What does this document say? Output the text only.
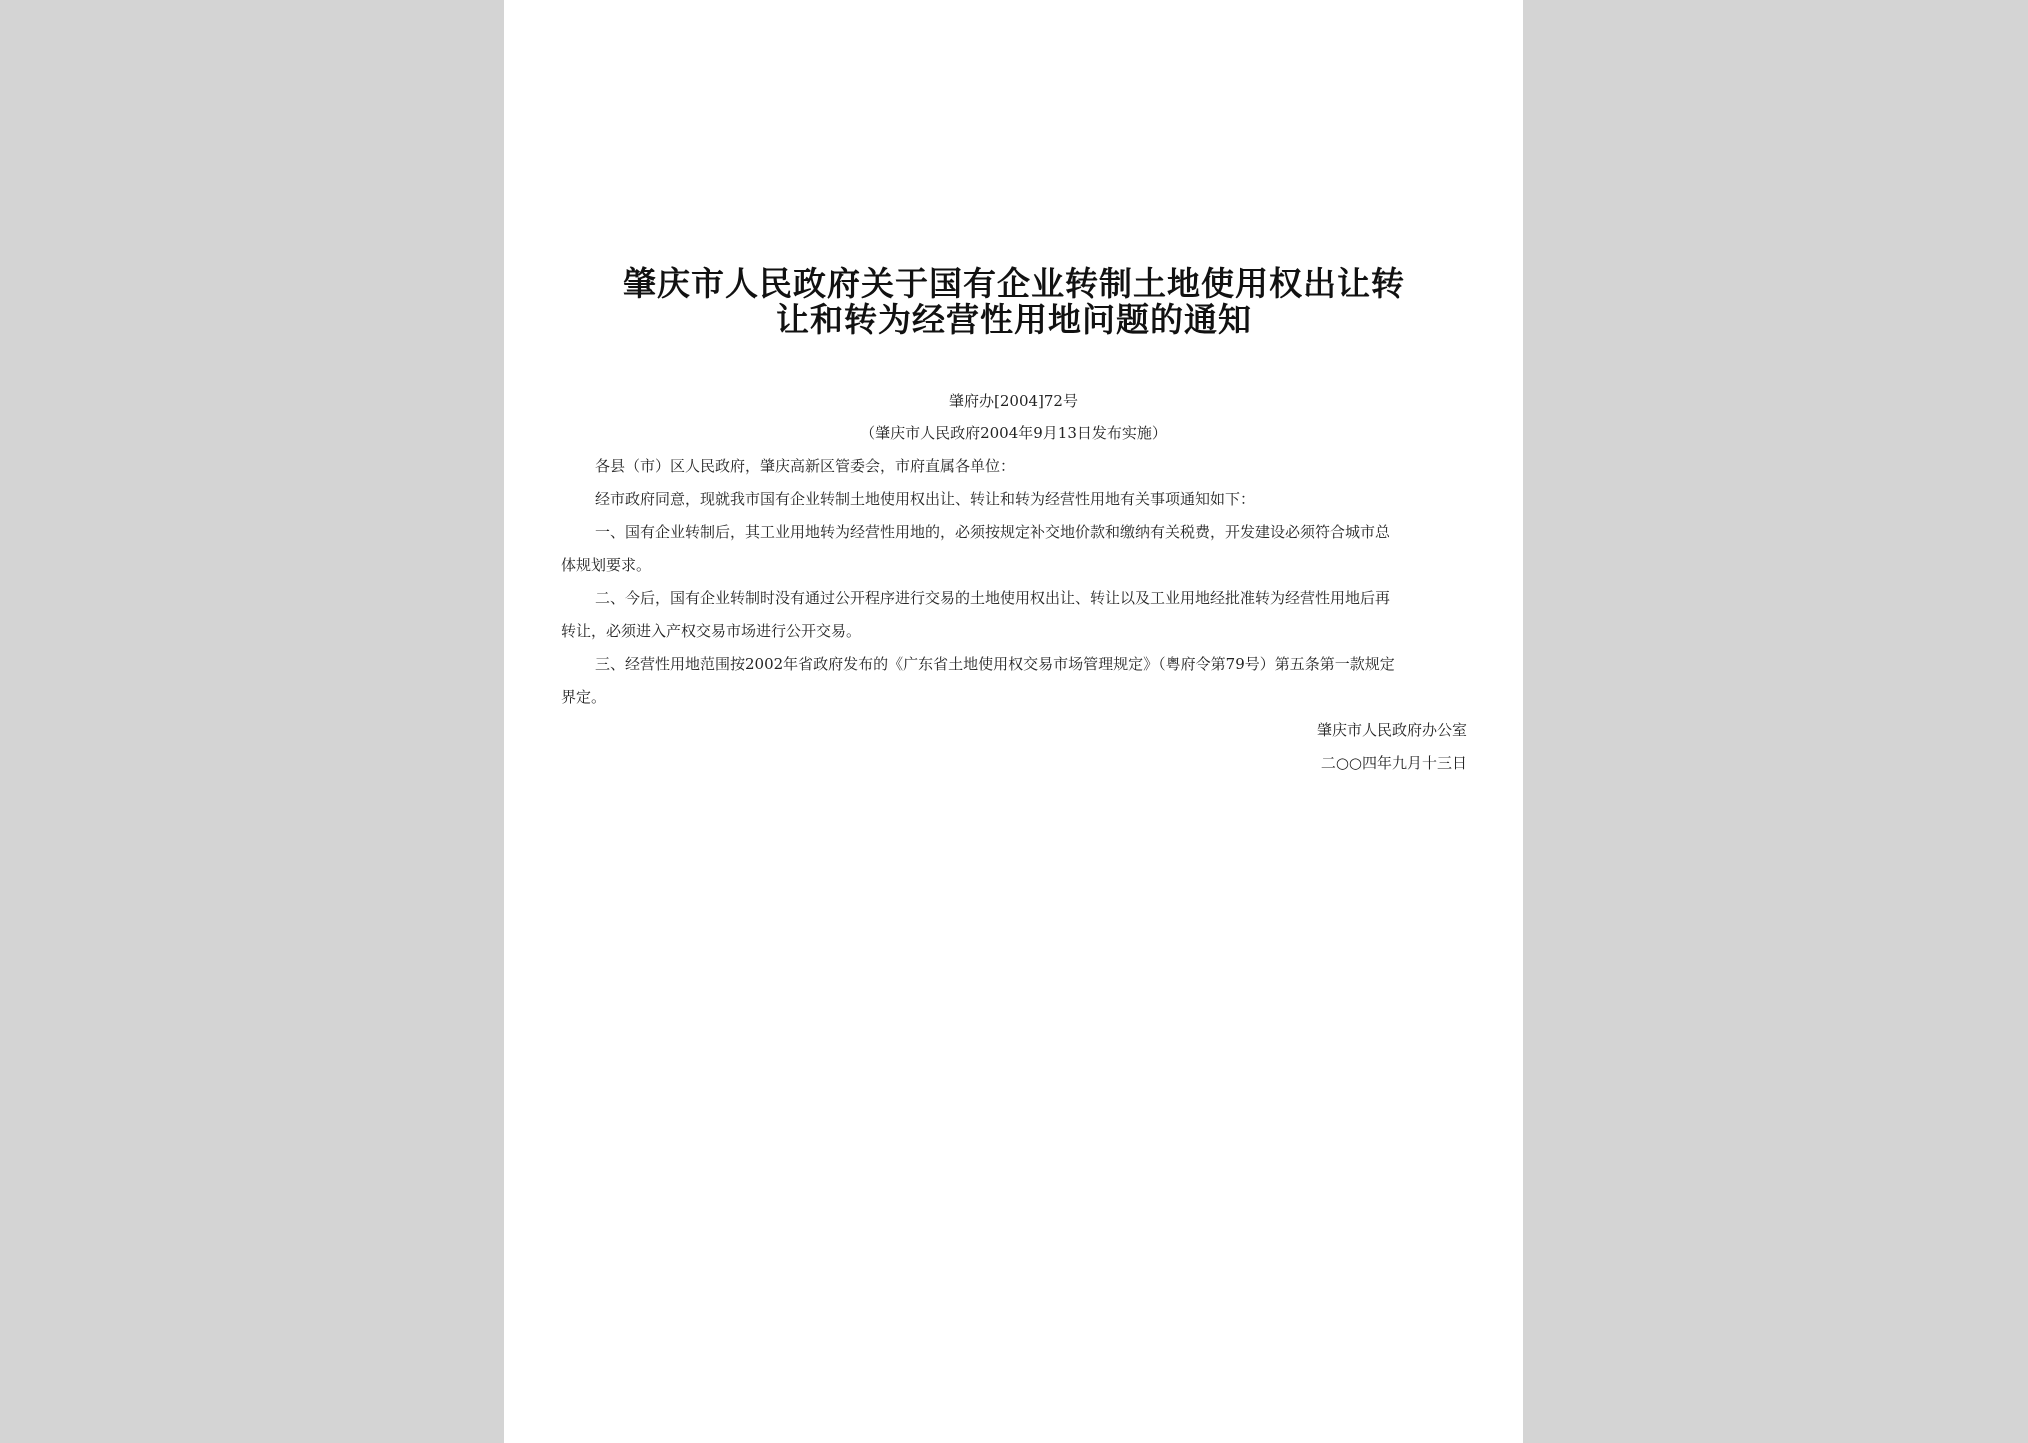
肇庆市人民政府关于国有企业转制土地使用权出让转
让和转为经营性用地问题的通知

肇府办[2004]72号

（肇庆市人民政府2004年9月13日发布实施）

各县（市）区人民政府，肇庆高新区管委会，市府直属各单位：

经市政府同意，现就我市国有企业转制土地使用权出让、转让和转为经营性用地有关事项通知如下：

一、国有企业转制后，其工业用地转为经营性用地的，必须按规定补交地价款和缴纳有关税费，开发建设必须符合城市总

体规划要求。

二、今后，国有企业转制时没有通过公开程序进行交易的土地使用权出让、转让以及工业用地经批准转为经营性用地后再

转让，必须进入产权交易市场进行公开交易。

三、经营性用地范围按2002年省政府发布的《广东省土地使用权交易市场管理规定》（粤府令第79号）第五条第一款规定

界定。

肇庆市人民政府办公室

二○○四年九月十三日
